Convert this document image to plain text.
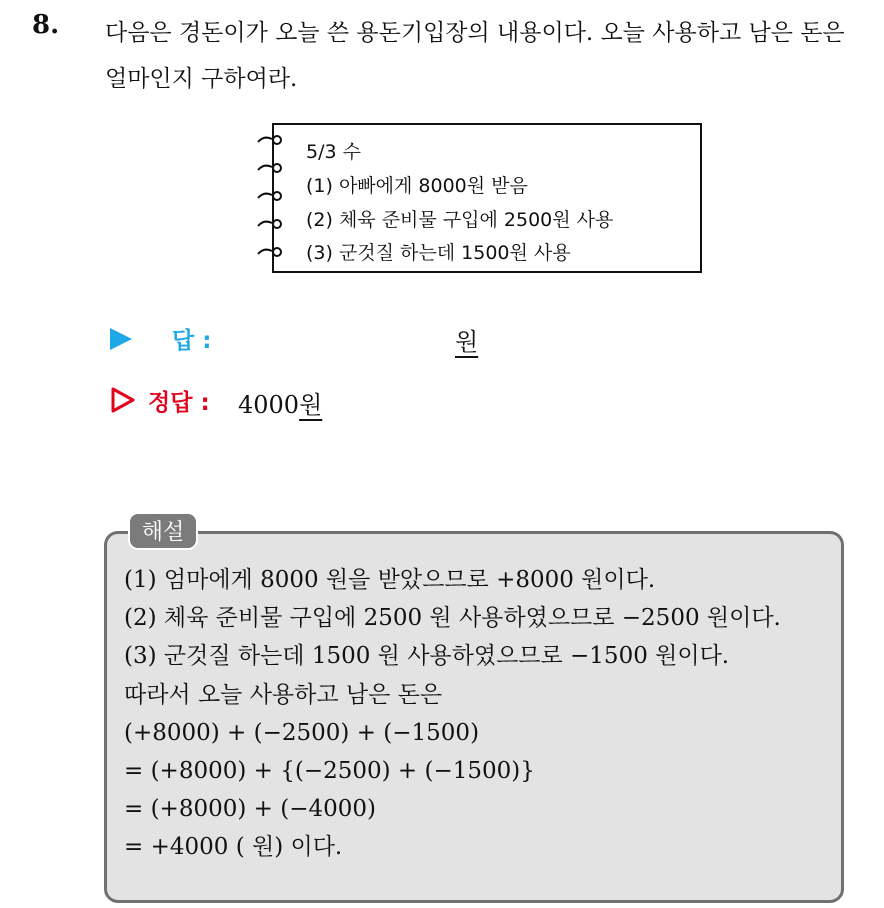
8. 다음은 경돈이가 오늘 쓴 용돈기입장의 내용이다. 오늘 사용하고 남은 돈은 얼마인지 구하여라.
5/3 수
(1) 아빠에게 8000원 받음
(2) 체육 준비물 구입에 2500원 사용
(3) 군것질 하는데 1500원 사용
답 :	원
정답 : 4000원
해설
(1) 엄마에게 8000 원을 받았으므로 +8000 원이다.
(2) 체육 준비물 구입에 2500 원 사용하였으므로 −2500 원이다.
(3) 군것질 하는데 1500 원 사용하였으므로 −1500 원이다.
따라서 오늘 사용하고 남은 돈은
(+8000) + (−2500) + (−1500)
= (+8000) + {(−2500) + (−1500)}
= (+8000) + (−4000)
= +4000 ( 원) 이다.
